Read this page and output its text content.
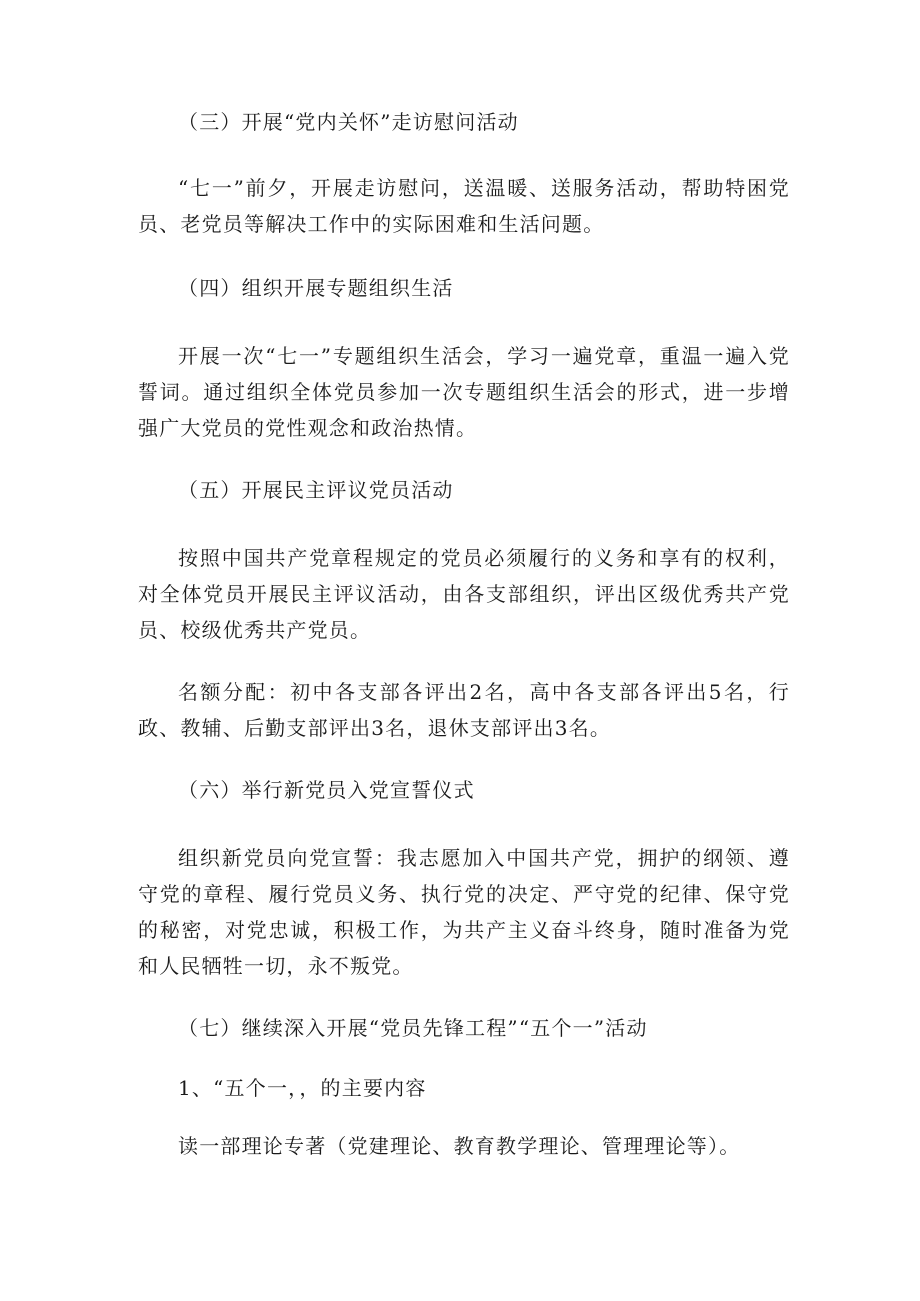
（三）开展“党内关怀”走访慰问活动
“七一”前夕，开展走访慰问，送温暖、送服务活动，帮助特困党员、老党员等解决工作中的实际困难和生活问题。
（四）组织开展专题组织生活
开展一次“七一”专题组织生活会，学习一遍党章，重温一遍入党誓词。通过组织全体党员参加一次专题组织生活会的形式，进一步增强广大党员的党性观念和政治热情。
（五）开展民主评议党员活动
按照中国共产党章程规定的党员必须履行的义务和享有的权利，对全体党员开展民主评议活动，由各支部组织，评出区级优秀共产党员、校级优秀共产党员。
名额分配：初中各支部各评出2名，高中各支部各评出5名，行政、教辅、后勤支部评出3名，退休支部评出3名。
（六）举行新党员入党宣誓仪式
组织新党员向党宣誓：我志愿加入中国共产党，拥护的纲领、遵守党的章程、履行党员义务、执行党的决定、严守党的纪律、保守党的秘密，对党忠诚，积极工作，为共产主义奋斗终身，随时准备为党和人民牺牲一切，永不叛党。
（七）继续深入开展“党员先锋工程”“五个一”活动
1、“五个一，，的主要内容
读一部理论专著（党建理论、教育教学理论、管理理论等）。
